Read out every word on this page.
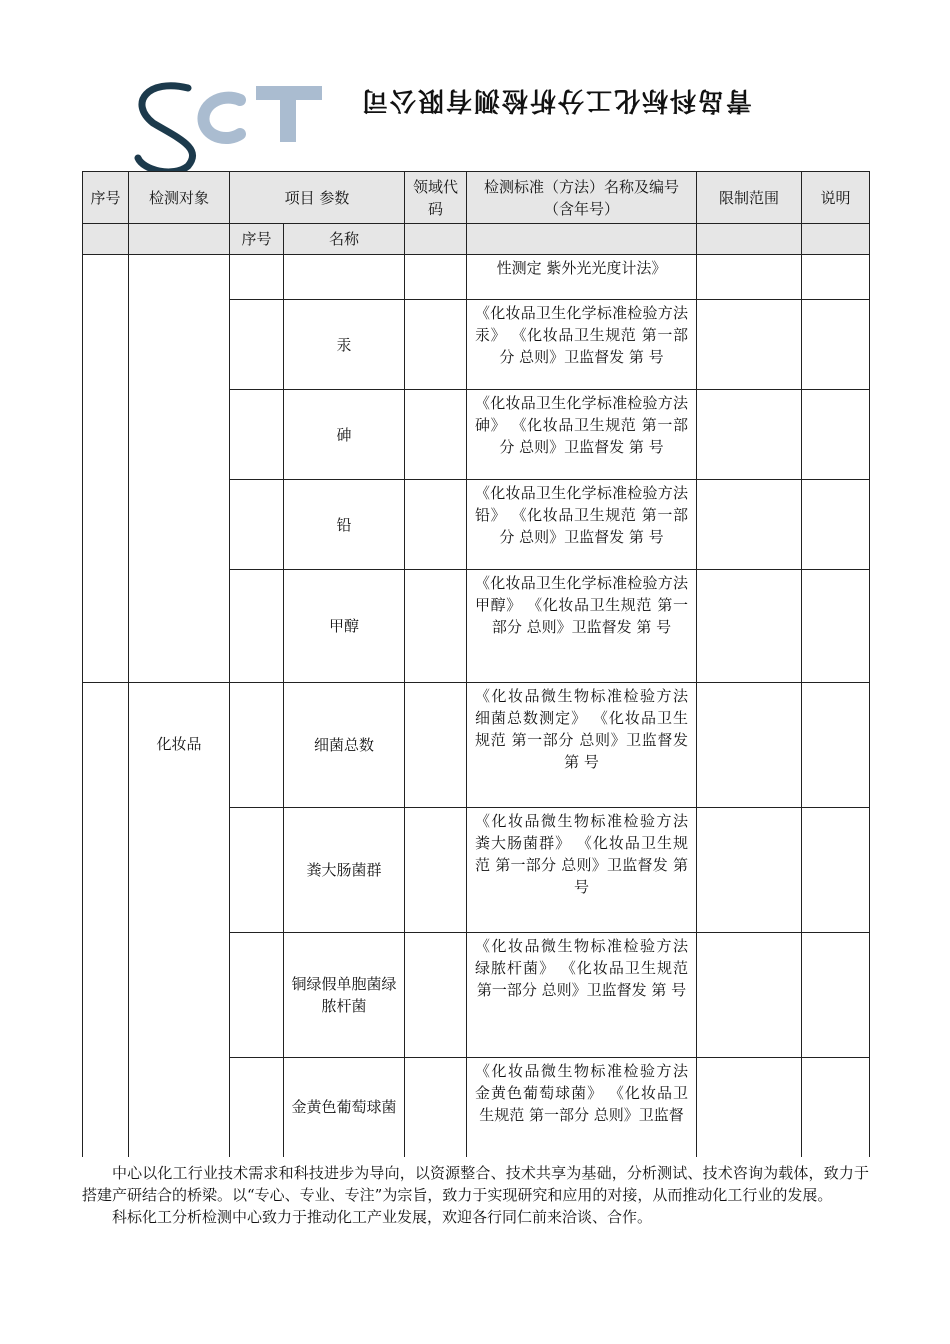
青岛科标化工分析检测有限公司
序号	检测对象	项目 参数		领域代码	检测标准（方法）名称及编号（含年号）	限制范围	说明
		序号	名称				
					性测定 紫外光光度计法》		
			汞		《化妆品卫生化学标准检验方法 汞》 《化妆品卫生规范 第一部分 总则》卫监督发 第 号		
			砷		《化妆品卫生化学标准检验方法 砷》 《化妆品卫生规范 第一部分 总则》卫监督发 第 号		
			铅		《化妆品卫生化学标准检验方法 铅》 《化妆品卫生规范 第一部分 总则》卫监督发 第 号		
			甲醇		《化妆品卫生化学标准检验方法 甲醇》 《化妆品卫生规范 第一部分 总则》卫监督发 第 号		
	化妆品		细菌总数		《化妆品微生物标准检验方法 细菌总数测定》 《化妆品卫生规范 第一部分 总则》卫监督发 第 号		
			粪大肠菌群		《化妆品微生物标准检验方法 粪大肠菌群》 《化妆品卫生规范 第一部分 总则》卫监督发 第 号		
			铜绿假单胞菌绿脓杆菌		《化妆品微生物标准检验方法 绿脓杆菌》 《化妆品卫生规范 第一部分 总则》卫监督发 第 号		
			金黄色葡萄球菌		《化妆品微生物标准检验方法 金黄色葡萄球菌》 《化妆品卫生规范 第一部分 总则》卫监督		

中心以化工行业技术需求和科技进步为导向，以资源整合、技术共享为基础，分析测试、技术咨询为载体，致力于搭建产研结合的桥梁。以“专心、专业、专注”为宗旨，致力于实现研究和应用的对接，从而推动化工行业的发展。

科标化工分析检测中心致力于推动化工产业发展，欢迎各行同仁前来洽谈、合作。
